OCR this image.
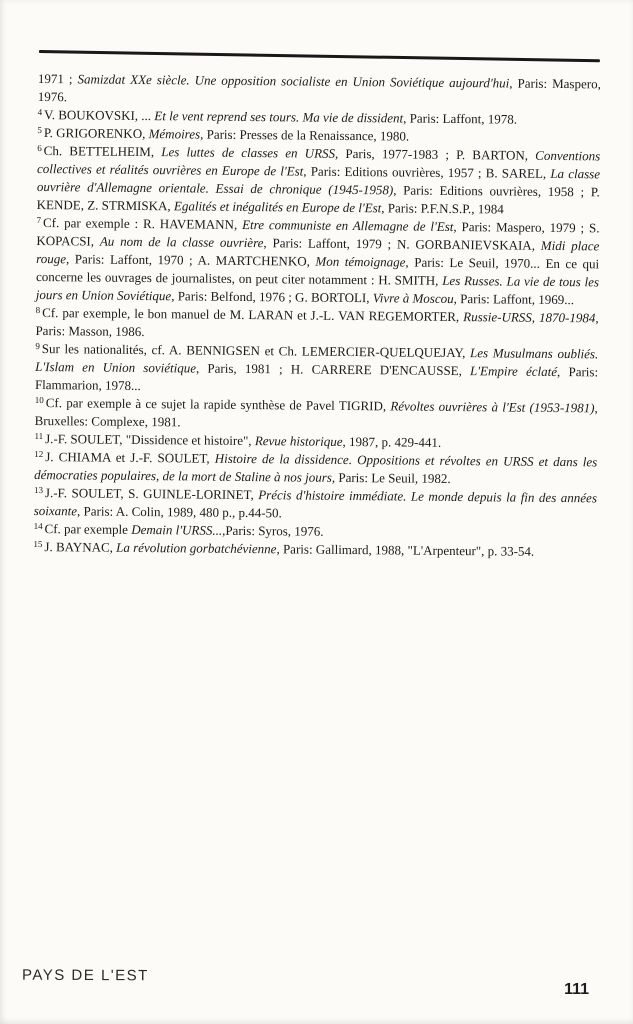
1971 ; Samizdat XXe siècle. Une opposition socialiste en Union Soviétique aujourd'hui, Paris: Maspero, 1976.

$^4$ V. BOUKOVSKI, ... Et le vent reprend ses tours. Ma vie de dissident, Paris: Laffont, 1978.

$^5$ P. GRIGORENKO, Mémoires, Paris: Presses de la Renaissance, 1980.

$^6$ Ch. BETTELHEIM, Les luttes de classes en URSS, Paris, 1977-1983 ; P. BARTON, Conventions collectives et réalités ouvrières en Europe de l'Est, Paris: Editions ouvrières, 1957 ; B. SAREL, La classe ouvrière d'Allemagne orientale. Essai de chronique (1945-1958), Paris: Editions ouvrières, 1958 ; P. KENDE, Z. STRMISKA, Egalités et inégalités en Europe de l'Est, Paris: P.F.N.S.P., 1984

$^7$ Cf. par exemple : R. HAVEMANN, Etre communiste en Allemagne de l'Est, Paris: Maspero, 1979 ; S. KOPACSI, Au nom de la classe ouvrière, Paris: Laffont, 1979 ; N. GORBANIEVSKAIA, Midi place rouge, Paris: Laffont, 1970 ; A. MARTCHENKO, Mon témoignage, Paris: Le Seuil, 1970... En ce qui concerne les ouvrages de journalistes, on peut citer notamment : H. SMITH, Les Russes. La vie de tous les jours en Union Soviétique, Paris: Belfond, 1976 ; G. BORTOLI, Vivre à Moscou, Paris: Laffont, 1969...

$^8$ Cf. par exemple, le bon manuel de M. LARAN et J.-L. VAN REGEMORTER, Russie-URSS, 1870-1984, Paris: Masson, 1986.

$^9$ Sur les nationalités, cf. A. BENNIGSEN et Ch. LEMERCIER-QUELQUEJAY, Les Musulmans oubliés. L'Islam en Union soviétique, Paris, 1981 ; H. CARRERE D'ENCAUSSE, L'Empire éclaté, Paris: Flammarion, 1978...

$^{10}$ Cf. par exemple à ce sujet la rapide synthèse de Pavel TIGRID, Révoltes ouvrières à l'Est (1953-1981), Bruxelles: Complexe, 1981.

$^{11}$ J.-F. SOULET, "Dissidence et histoire", Revue historique, 1987, p. 429-441.

$^{12}$ J. CHIAMA et J.-F. SOULET, Histoire de la dissidence. Oppositions et révoltes en URSS et dans les démocraties populaires, de la mort de Staline à nos jours, Paris: Le Seuil, 1982.

$^{13}$ J.-F. SOULET, S. GUINLE-LORINET, Précis d'histoire immédiate. Le monde depuis la fin des années soixante, Paris: A. Colin, 1989, 480 p., p.44-50.

$^{14}$ Cf. par exemple Demain l'URSS...,Paris: Syros, 1976.

$^{15}$ J. BAYNAC, La révolution gorbatchévienne, Paris: Gallimard, 1988, "L'Arpenteur", p. 33-54.

PAYS DE L'EST
111
